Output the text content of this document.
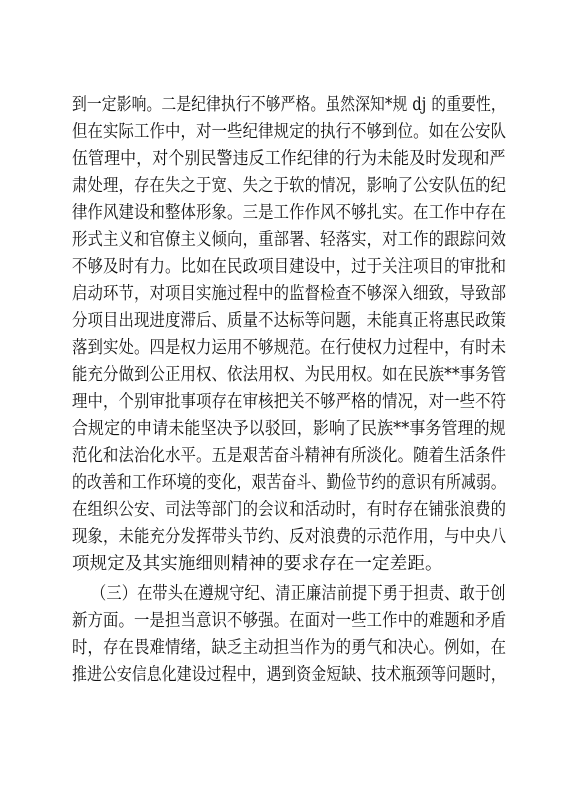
到一定影响。二是纪律执行不够严格。虽然深知*规 dj 的重要性，

但在实际工作中，对一些纪律规定的执行不够到位。如在公安队

伍管理中，对个别民警违反工作纪律的行为未能及时发现和严

肃处理，存在失之于宽、失之于软的情况，影响了公安队伍的纪

律作风建设和整体形象。三是工作作风不够扎实。在工作中存在

形式主义和官僚主义倾向，重部署、轻落实，对工作的跟踪问效

不够及时有力。比如在民政项目建设中，过于关注项目的审批和

启动环节，对项目实施过程中的监督检查不够深入细致，导致部

分项目出现进度滞后、质量不达标等问题，未能真正将惠民政策

落到实处。四是权力运用不够规范。在行使权力过程中，有时未

能充分做到公正用权、依法用权、为民用权。如在民族**事务管

理中，个别审批事项存在审核把关不够严格的情况，对一些不符

合规定的申请未能坚决予以驳回，影响了民族**事务管理的规

范化和法治化水平。五是艰苦奋斗精神有所淡化。随着生活条件

的改善和工作环境的变化，艰苦奋斗、勤俭节约的意识有所减弱。

在组织公安、司法等部门的会议和活动时，有时存在铺张浪费的

现象，未能充分发挥带头节约、反对浪费的示范作用，与中央八

项规定及其实施细则精神的要求存在一定差距。

（三）在带头在遵规守纪、清正廉洁前提下勇于担责、敢于创

新方面。一是担当意识不够强。在面对一些工作中的难题和矛盾

时，存在畏难情绪，缺乏主动担当作为的勇气和决心。例如，在

推进公安信息化建设过程中，遇到资金短缺、技术瓶颈等问题时，
